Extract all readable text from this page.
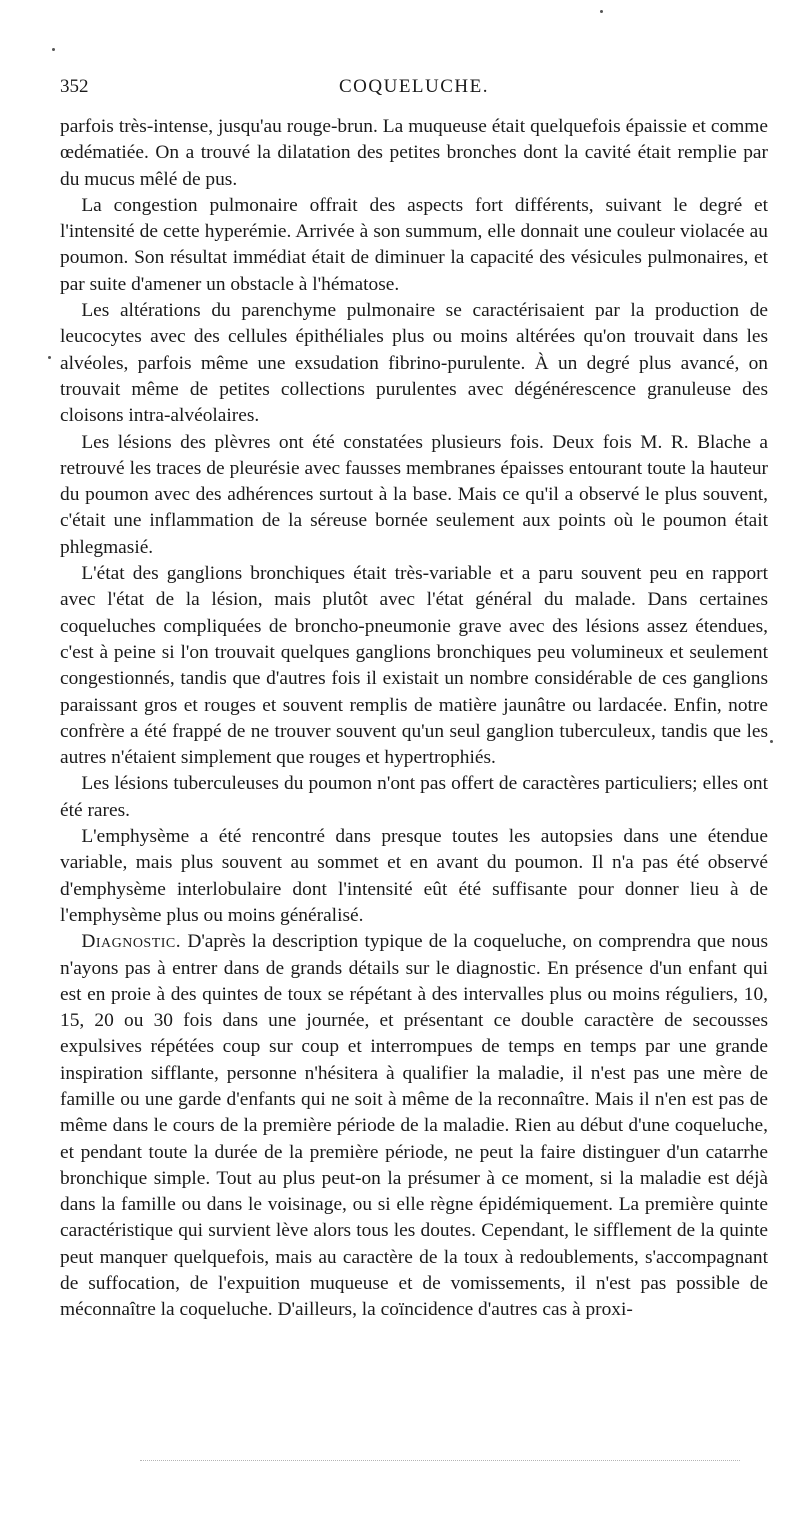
352	COQUELUCHE.

parfois très-intense, jusqu'au rouge-brun. La muqueuse était quelquefois épaissie et comme œdématiée. On a trouvé la dilatation des petites bronches dont la cavité était remplie par du mucus mêlé de pus.

La congestion pulmonaire offrait des aspects fort différents, suivant le degré et l'intensité de cette hyperémie. Arrivée à son summum, elle donnait une couleur violacée au poumon. Son résultat immédiat était de diminuer la capacité des vésicules pulmonaires, et par suite d'amener un obstacle à l'hématose.

Les altérations du parenchyme pulmonaire se caractérisaient par la production de leucocytes avec des cellules épithéliales plus ou moins altérées qu'on trouvait dans les alvéoles, parfois même une exsudation fibrino-purulente. À un degré plus avancé, on trouvait même de petites collections purulentes avec dégénérescence granuleuse des cloisons intra-alvéolaires.

Les lésions des plèvres ont été constatées plusieurs fois. Deux fois M. R. Blache a retrouvé les traces de pleurésie avec fausses membranes épaisses entourant toute la hauteur du poumon avec des adhérences surtout à la base. Mais ce qu'il a observé le plus souvent, c'était une inflammation de la séreuse bornée seulement aux points où le poumon était phlegmasié.

L'état des ganglions bronchiques était très-variable et a paru souvent peu en rapport avec l'état de la lésion, mais plutôt avec l'état général du malade. Dans certaines coqueluches compliquées de broncho-pneumonie grave avec des lésions assez étendues, c'est à peine si l'on trouvait quelques ganglions bronchiques peu volumineux et seulement congestionnés, tandis que d'autres fois il existait un nombre considérable de ces ganglions paraissant gros et rouges et souvent remplis de matière jaunâtre ou lardacée. Enfin, notre confrère a été frappé de ne trouver souvent qu'un seul ganglion tuberculeux, tandis que les autres n'étaient simplement que rouges et hypertrophiés.

Les lésions tuberculeuses du poumon n'ont pas offert de caractères particuliers; elles ont été rares.

L'emphysème a été rencontré dans presque toutes les autopsies dans une étendue variable, mais plus souvent au sommet et en avant du poumon. Il n'a pas été observé d'emphysème interlobulaire dont l'intensité eût été suffisante pour donner lieu à de l'emphysème plus ou moins généralisé.

Diagnostic. D'après la description typique de la coqueluche, on comprendra que nous n'ayons pas à entrer dans de grands détails sur le diagnostic. En présence d'un enfant qui est en proie à des quintes de toux se répétant à des intervalles plus ou moins réguliers, 10, 15, 20 ou 30 fois dans une journée, et présentant ce double caractère de secousses expulsives répétées coup sur coup et interrompues de temps en temps par une grande inspiration sifflante, personne n'hésitera à qualifier la maladie, il n'est pas une mère de famille ou une garde d'enfants qui ne soit à même de la reconnaître. Mais il n'en est pas de même dans le cours de la première période de la maladie. Rien au début d'une coqueluche, et pendant toute la durée de la première période, ne peut la faire distinguer d'un catarrhe bronchique simple. Tout au plus peut-on la présumer à ce moment, si la maladie est déjà dans la famille ou dans le voisinage, ou si elle règne épidémiquement. La première quinte caractéristique qui survient lève alors tous les doutes. Cependant, le sifflement de la quinte peut manquer quelquefois, mais au caractère de la toux à redoublements, s'accompagnant de suffocation, de l'expuition muqueuse et de vomissements, il n'est pas possible de méconnaître la coqueluche. D'ailleurs, la coïncidence d'autres cas à proxi-
